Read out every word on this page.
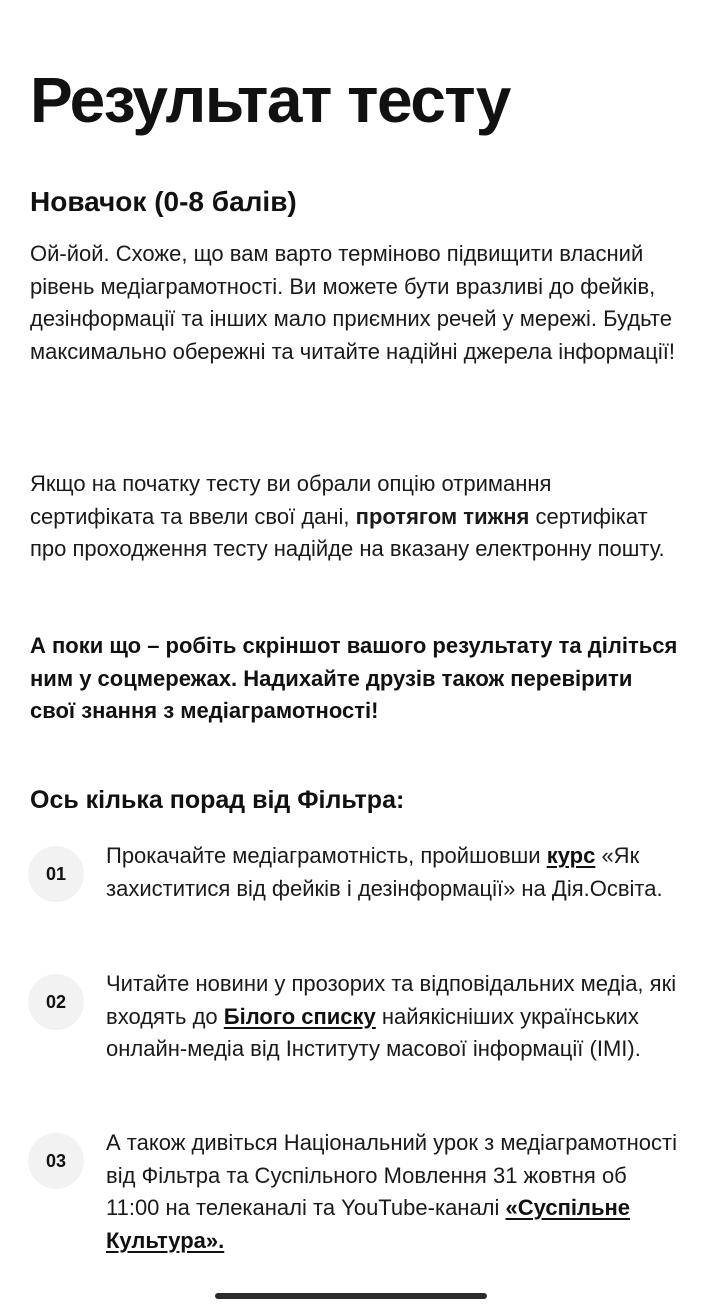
Результат тесту
Новачок (0-8 балів)

Ой-йой. Схоже, що вам варто терміново підвищити власний рівень медіаграмотності. Ви можете бути вразливі до фейків, дезінформації та інших мало приємних речей у мережі. Будьте максимально обережні та читайте надійні джерела інформації!

Якщо на початку тесту ви обрали опцію отримання сертифіката та ввели свої дані, протягом тижня сертифікат про проходження тесту надійде на вказану електронну пошту.

А поки що – робіть скріншот вашого результату та діліться ним у соцмережах. Надихайте друзів також перевірити свої знання з медіаграмотності!

Ось кілька порад від Фільтра:
01

Прокачайте медіаграмотність, пройшовши курс «Як захиститися від фейків і дезінформації» на Дія.Освіта.

02

Читайте новини у прозорих та відповідальних медіа, які входять до Білого списку найякісніших українських онлайн-медіа від Інституту масової інформації (IMI).

03

А також дивіться Національний урок з медіаграмотності від Фільтра та Суспільного Мовлення 31 жовтня об 11:00 на телеканалі та YouTube-каналі «Суспільне Культура».
